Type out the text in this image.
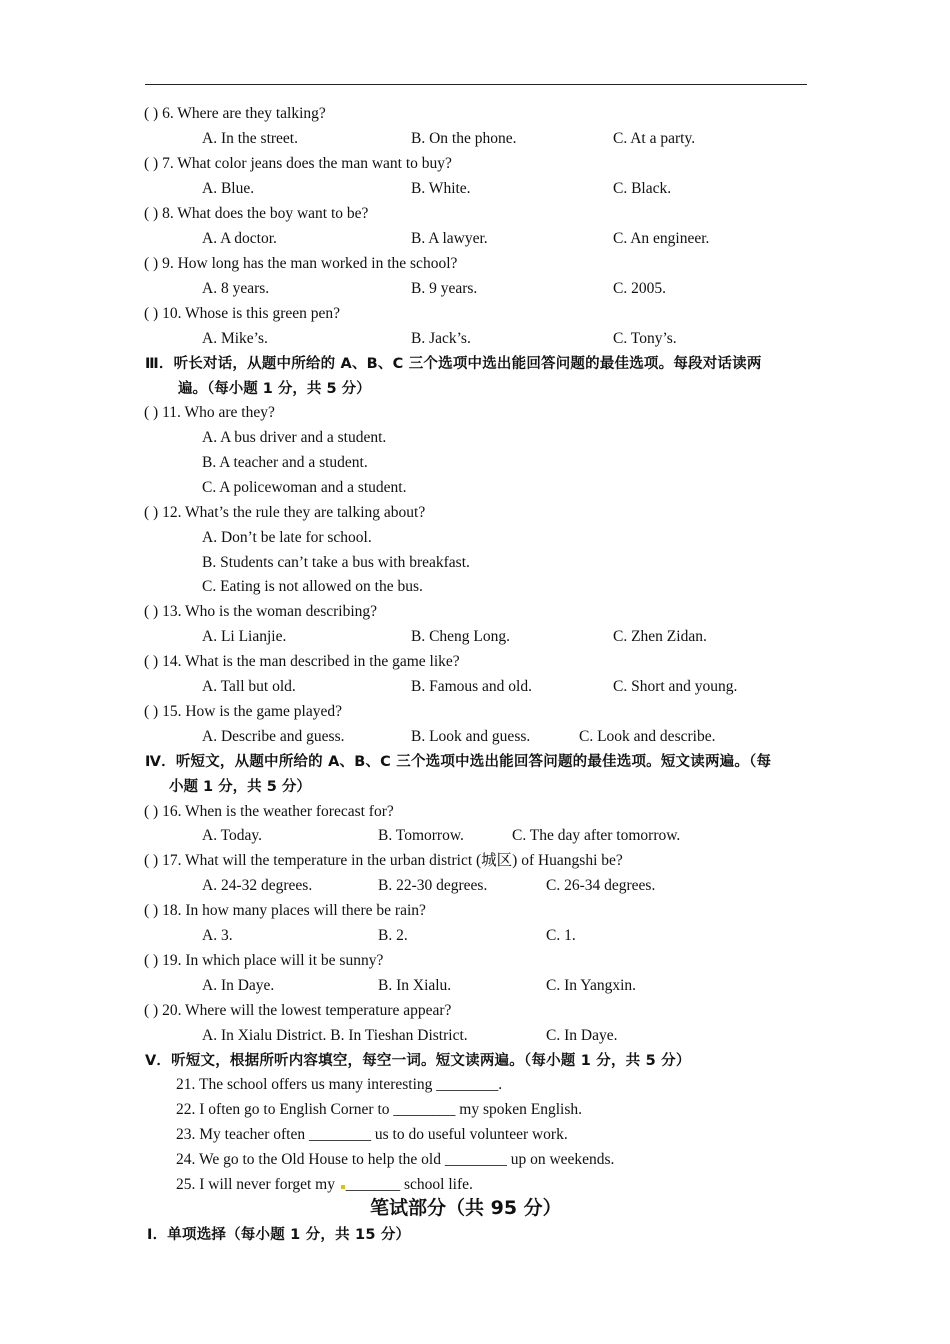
( ) 6. Where are they talking?
A. In the street.	B. On the phone.	C. At a party.
( ) 7. What color jeans does the man want to buy?
A. Blue.	B. White.	C. Black.
( ) 8. What does the boy want to be?
A. A doctor.	B. A lawyer.	C. An engineer.
( ) 9. How long has the man worked in the school?
A. 8 years.	B. 9 years.	C. 2005.
( ) 10. Whose is this green pen?
A. Mike’s.	B. Jack’s.	C. Tony’s.
Ⅲ．听长对话，从题中所给的 A、B、C 三个选项中选出能回答问题的最佳选项。每段对话读两
遍。（每小题 1 分，共 5 分）
( ) 11. Who are they?
A. A bus driver and a student.
B. A teacher and a student.
C. A policewoman and a student.
( ) 12. What’s the rule they are talking about?
A. Don’t be late for school.
B. Students can’t take a bus with breakfast.
C. Eating is not allowed on the bus.
( ) 13. Who is the woman describing?
A. Li Lianjie.	B. Cheng Long.	C. Zhen Zidan.
( ) 14. What is the man described in the game like?
A. Tall but old.	B. Famous and old.	C. Short and young.
( ) 15. How is the game played?
A. Describe and guess.	B. Look and guess.	C. Look and describe.
Ⅳ．听短文，从题中所给的 A、B、C 三个选项中选出能回答问题的最佳选项。短文读两遍。（每
小题 1 分，共 5 分）
( ) 16. When is the weather forecast for?
A. Today.	B. Tomorrow.	C. The day after tomorrow.
( ) 17. What will the temperature in the urban district (城区) of Huangshi be?
A. 24-32 degrees.	B. 22-30 degrees.	C. 26-34 degrees.
( ) 18. In how many places will there be rain?
A. 3.	B. 2.	C. 1.
( ) 19. In which place will it be sunny?
A. In Daye.	B. In Xialu.	C. In Yangxin.
( ) 20. Where will the lowest temperature appear?
A. In Xialu District. B. In Tieshan District.	C. In Daye.
Ⅴ．听短文，根据所听内容填空，每空一词。短文读两遍。（每小题 1 分，共 5 分）
21. The school offers us many interesting ________.
22. I often go to English Corner to ________ my spoken English.
23. My teacher often ________ us to do useful volunteer work.
24. We go to the Old House to help the old ________ up on weekends.
25. I will never forget my _______ school life.
笔试部分（共 95 分）
Ⅰ．单项选择（每小题 1 分，共 15 分）
